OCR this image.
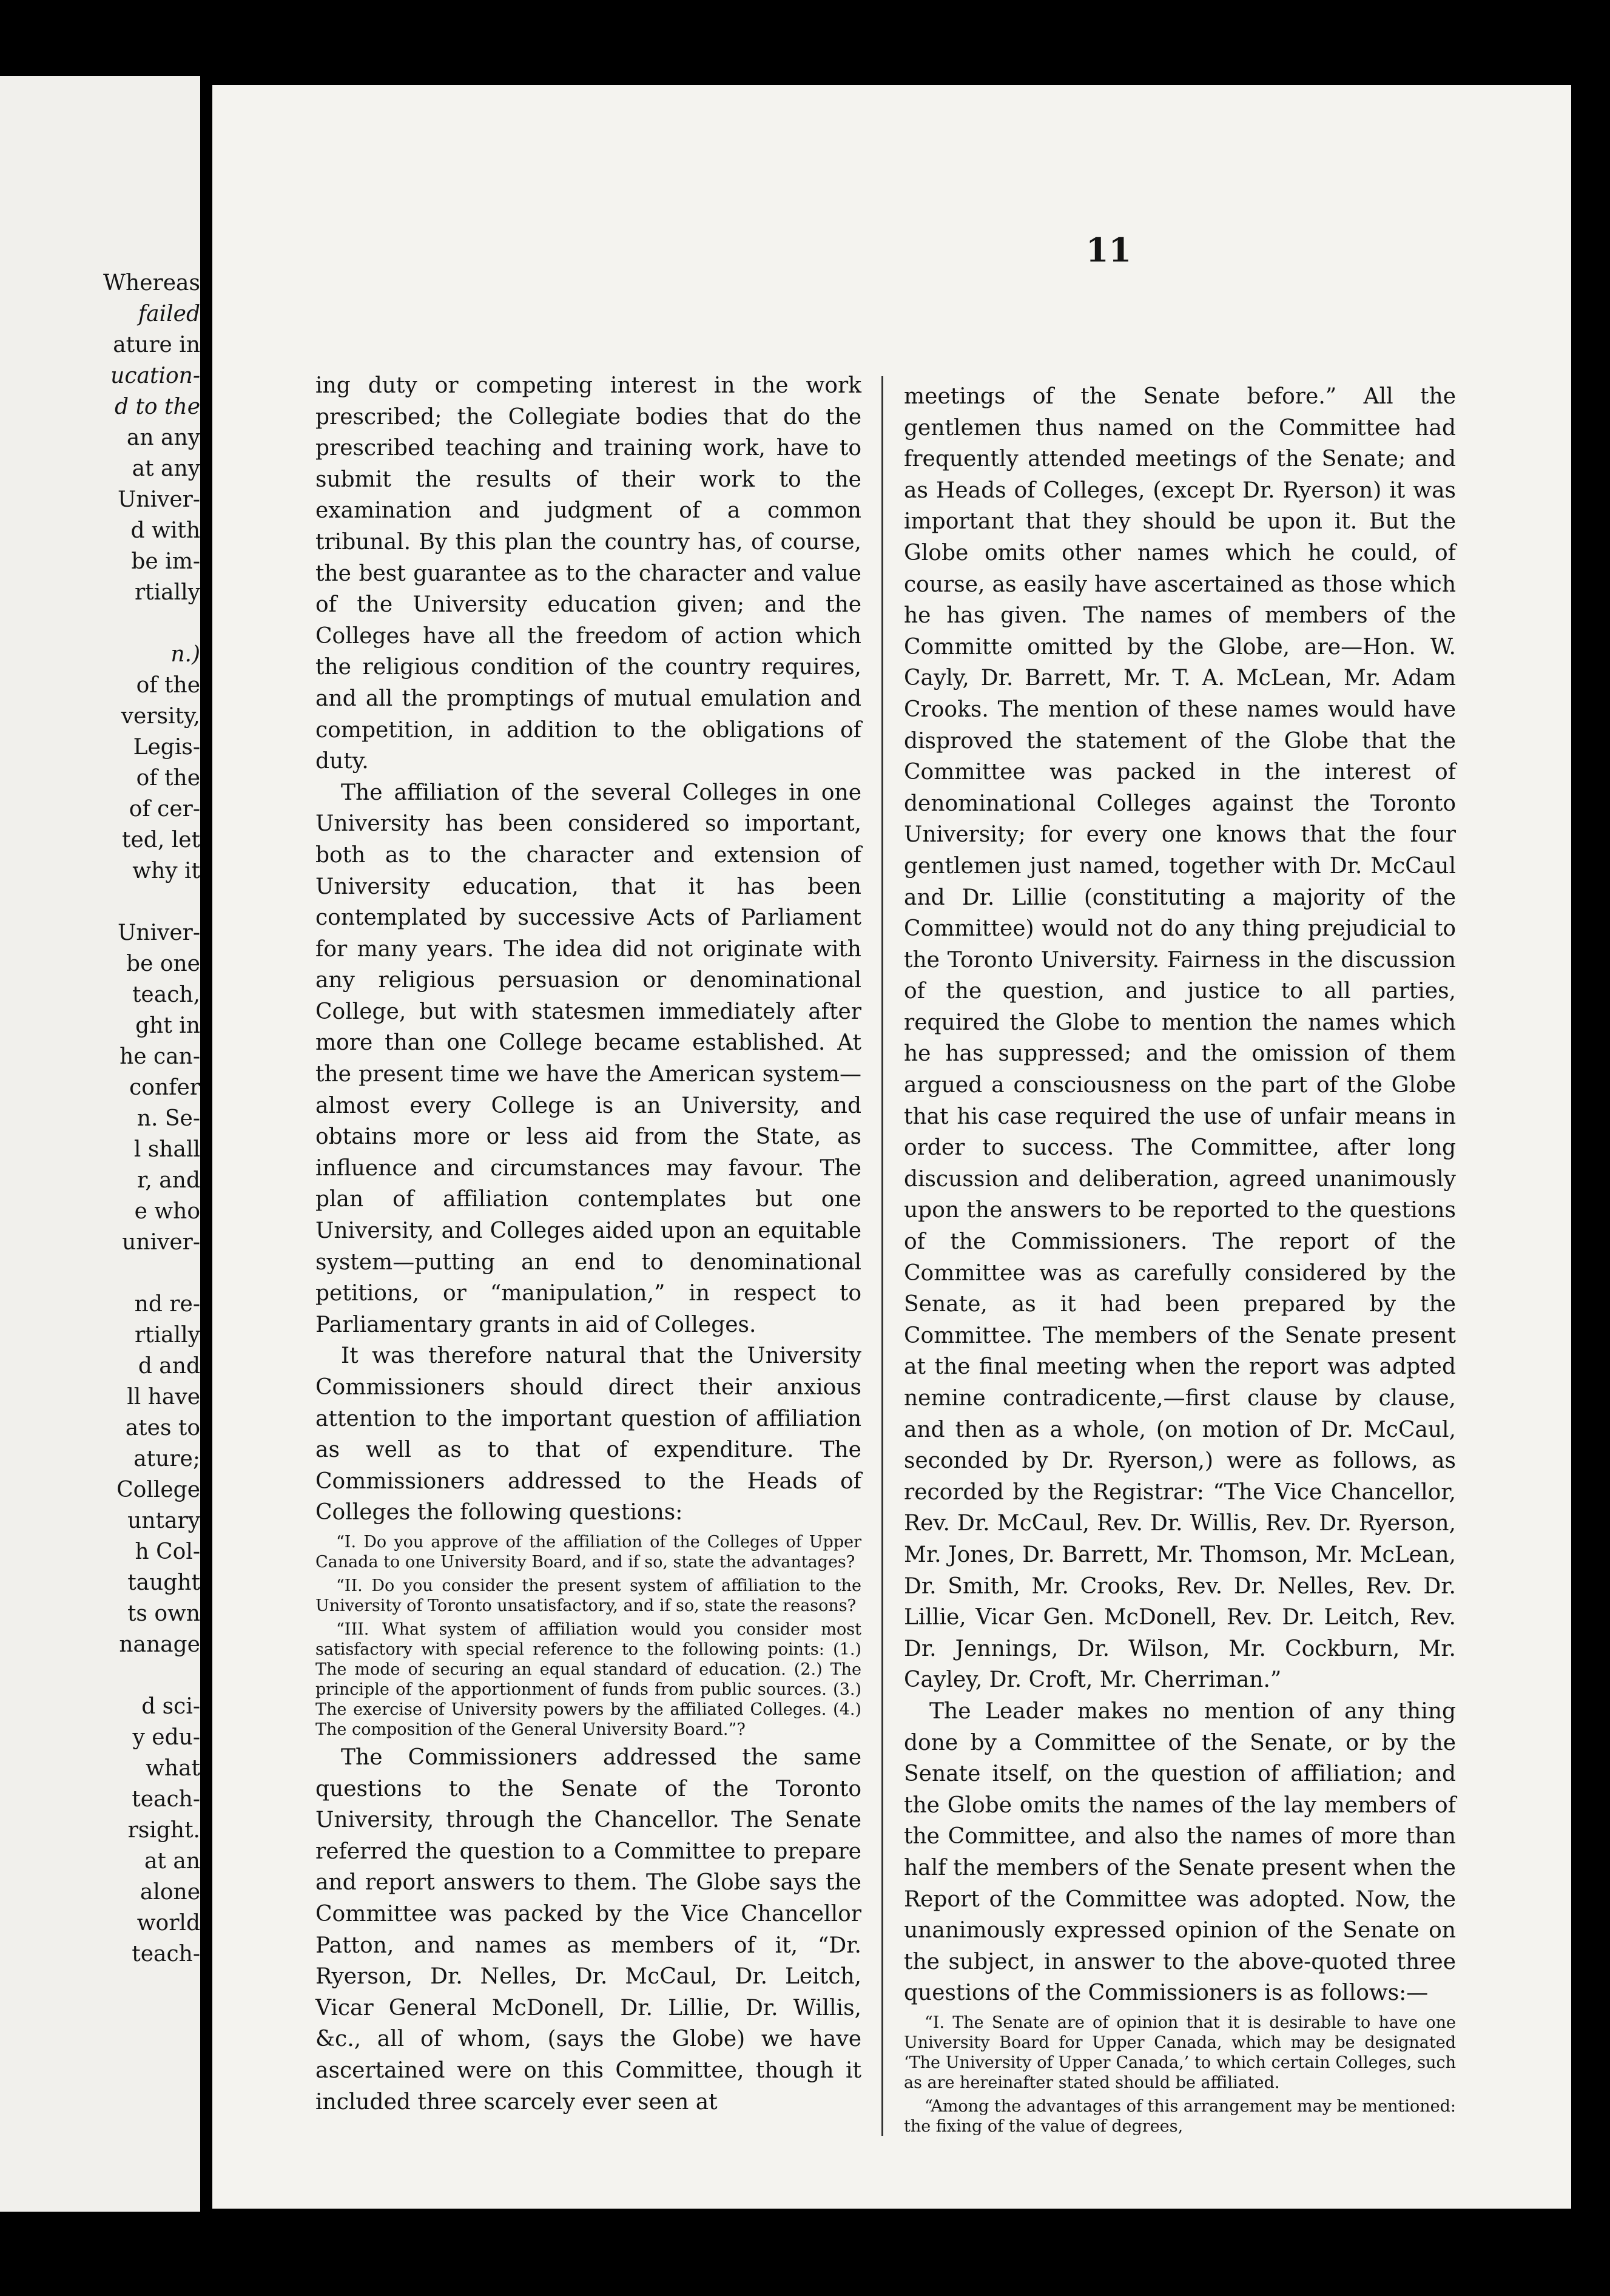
Whereas
failed
ature in
ucation-
d to the
an any
at any
Univer-
d with
be im-
rtially
n.)
of the
versity,
Legis-
of the
of cer-
ted, let
why it
Univer-
be one
teach,
ght in
he can-
confer
n. Se-
l shall
r, and
e who
univer-
nd re-
rtially
d and
ll have
ates to
ature;
College
untary
h Col-
taught
ts own
nanage
d sci-
y edu-
what
teach-
rsight.
at an
alone
world
teach-
11

ing duty or competing interest in the work prescribed; the Collegiate bodies that do the prescribed teaching and training work, have to submit the results of their work to the examination and judgment of a common tribunal. By this plan the country has, of course, the best guarantee as to the character and value of the University education given; and the Colleges have all the freedom of action which the religious condition of the country requires, and all the promptings of mutual emulation and competition, in addition to the obligations of duty.

The affiliation of the several Colleges in one University has been considered so important, both as to the character and extension of University education, that it has been contemplated by successive Acts of Parliament for many years. The idea did not originate with any religious persuasion or denominational College, but with statesmen immediately after more than one College became established. At the present time we have the American system—almost every College is an University, and obtains more or less aid from the State, as influence and circumstances may favour. The plan of affiliation contemplates but one University, and Colleges aided upon an equitable system—putting an end to denominational petitions, or “manipulation,” in respect to Parliamentary grants in aid of Colleges.

It was therefore natural that the University Commissioners should direct their anxious attention to the important question of affiliation as well as to that of expenditure. The Commissioners addressed to the Heads of Colleges the following questions:

“I. Do you approve of the affiliation of the Colleges of Upper Canada to one University Board, and if so, state the advantages?

“II. Do you consider the present system of affiliation to the University of Toronto unsatisfactory, and if so, state the reasons?

“III. What system of affiliation would you consider most satisfactory with special reference to the following points: (1.) The mode of securing an equal standard of education. (2.) The principle of the apportionment of funds from public sources. (3.) The exercise of University powers by the affiliated Colleges. (4.) The composition of the General University Board.”?

The Commissioners addressed the same questions to the Senate of the Toronto University, through the Chancellor. The Senate referred the question to a Committee to prepare and report answers to them. The Globe says the Committee was packed by the Vice Chancellor Patton, and names as members of it, “Dr. Ryerson, Dr. Nelles, Dr. McCaul, Dr. Leitch, Vicar General McDonell, Dr. Lillie, Dr. Willis, &c., all of whom, (says the Globe) we have ascertained were on this Committee, though it included three scarcely ever seen at

meetings of the Senate before.” All the gentlemen thus named on the Committee had frequently attended meetings of the Senate; and as Heads of Colleges, (except Dr. Ryerson) it was important that they should be upon it. But the Globe omits other names which he could, of course, as easily have ascertained as those which he has given. The names of members of the Committe omitted by the Globe, are—Hon. W. Cayly, Dr. Barrett, Mr. T. A. McLean, Mr. Adam Crooks. The mention of these names would have disproved the statement of the Globe that the Committee was packed in the interest of denominational Colleges against the Toronto University; for every one knows that the four gentlemen just named, together with Dr. McCaul and Dr. Lillie (constituting a majority of the Committee) would not do any thing prejudicial to the Toronto University. Fairness in the discussion of the question, and justice to all parties, required the Globe to mention the names which he has suppressed; and the omission of them argued a consciousness on the part of the Globe that his case required the use of unfair means in order to success. The Committee, after long discussion and deliberation, agreed unanimously upon the answers to be reported to the questions of the Commissioners. The report of the Committee was as carefully considered by the Senate, as it had been prepared by the Committee. The members of the Senate present at the final meeting when the report was adpted nemine contradicente,—first clause by clause, and then as a whole, (on motion of Dr. McCaul, seconded by Dr. Ryerson,) were as follows, as recorded by the Registrar: “The Vice Chancellor, Rev. Dr. McCaul, Rev. Dr. Willis, Rev. Dr. Ryerson, Mr. Jones, Dr. Barrett, Mr. Thomson, Mr. McLean, Dr. Smith, Mr. Crooks, Rev. Dr. Nelles, Rev. Dr. Lillie, Vicar Gen. McDonell, Rev. Dr. Leitch, Rev. Dr. Jennings, Dr. Wilson, Mr. Cockburn, Mr. Cayley, Dr. Croft, Mr. Cherriman.”

The Leader makes no mention of any thing done by a Committee of the Senate, or by the Senate itself, on the question of affiliation; and the Globe omits the names of the lay members of the Committee, and also the names of more than half the members of the Senate present when the Report of the Committee was adopted. Now, the unanimously expressed opinion of the Senate on the subject, in answer to the above-quoted three questions of the Commissioners is as follows:—

“I. The Senate are of opinion that it is desirable to have one University Board for Upper Canada, which may be designated ‘The University of Upper Canada,’ to which certain Colleges, such as are hereinafter stated should be affiliated.

“Among the advantages of this arrangement may be mentioned: the fixing of the value of degrees,
